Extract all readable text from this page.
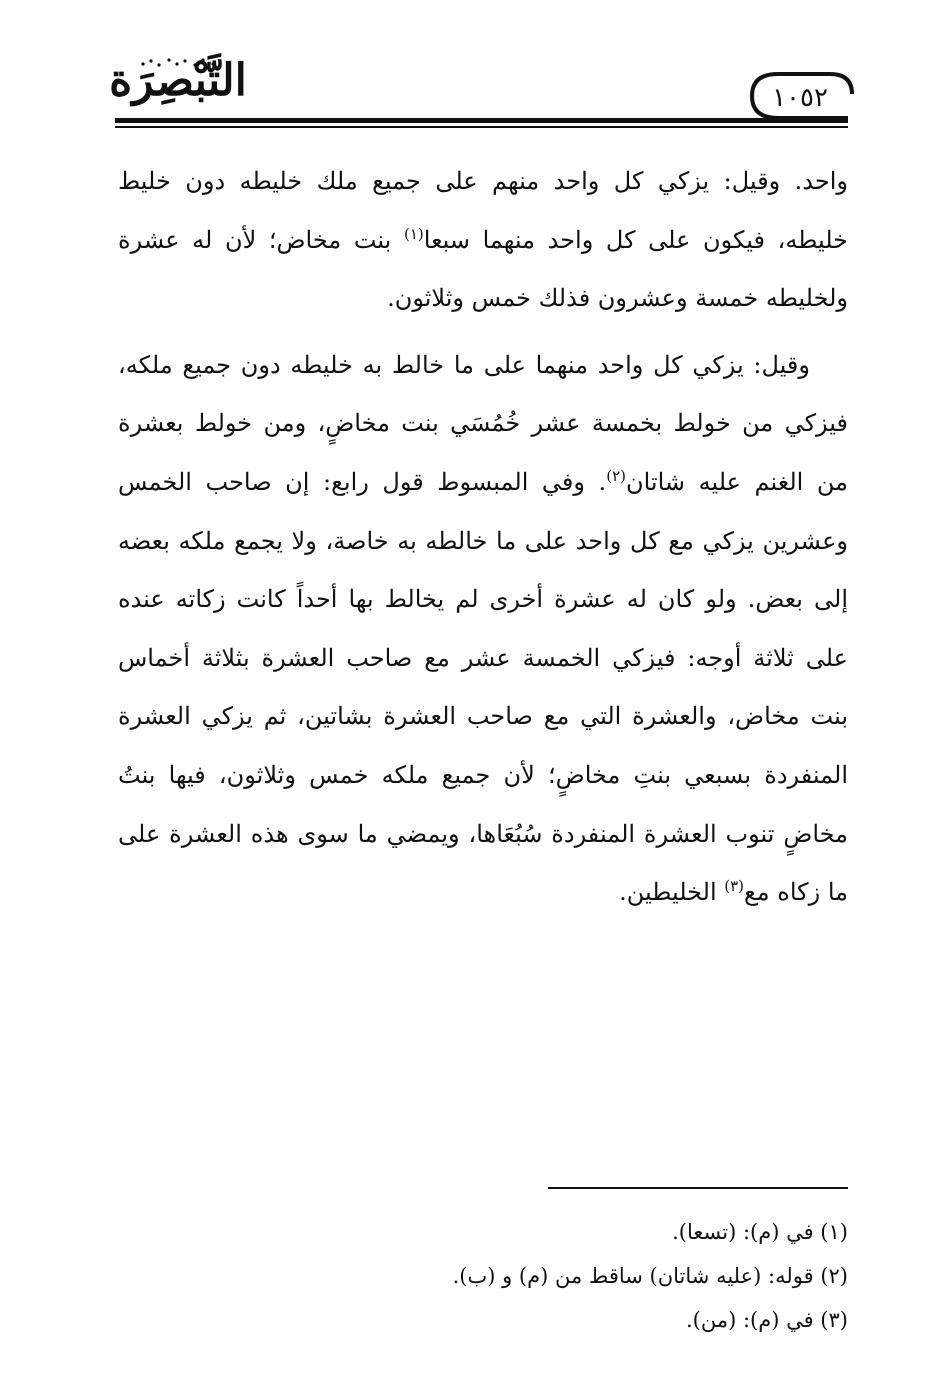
التَّبْصِرَة	١٠٥٢

واحد. وقيل: يزكي كل واحد منهم على جميع ملك خليطه دون خليط خليطه، فيكون على كل واحد منهما سبعا$^{(١)}$ بنت مخاض؛ لأن له عشرة ولخليطه خمسة وعشرون فذلك خمس وثلاثون.

وقيل: يزكي كل واحد منهما على ما خالط به خليطه دون جميع ملكه، فيزكي من خولط بخمسة عشر خُمُسَي بنت مخاضٍ، ومن خولط بعشرة من الغنم عليه شاتان$^{(٢)}$. وفي المبسوط قول رابع: إن صاحب الخمس وعشرين يزكي مع كل واحد على ما خالطه به خاصة، ولا يجمع ملكه بعضه إلى بعض. ولو كان له عشرة أخرى لم يخالط بها أحداً كانت زكاته عنده على ثلاثة أوجه: فيزكي الخمسة عشر مع صاحب العشرة بثلاثة أخماس بنت مخاض، والعشرة التي مع صاحب العشرة بشاتين، ثم يزكي العشرة المنفردة بسبعي بنتِ مخاضٍ؛ لأن جميع ملكه خمس وثلاثون، فيها بنتُ مخاضٍ تنوب العشرة المنفردة سُبُعَاها، ويمضي ما سوى هذه العشرة على ما زكاه مع$^{(٣)}$ الخليطين.

(١) في (م): (تسعا).
(٢) قوله: (عليه شاتان) ساقط من (م) و (ب).
(٣) في (م): (من).
